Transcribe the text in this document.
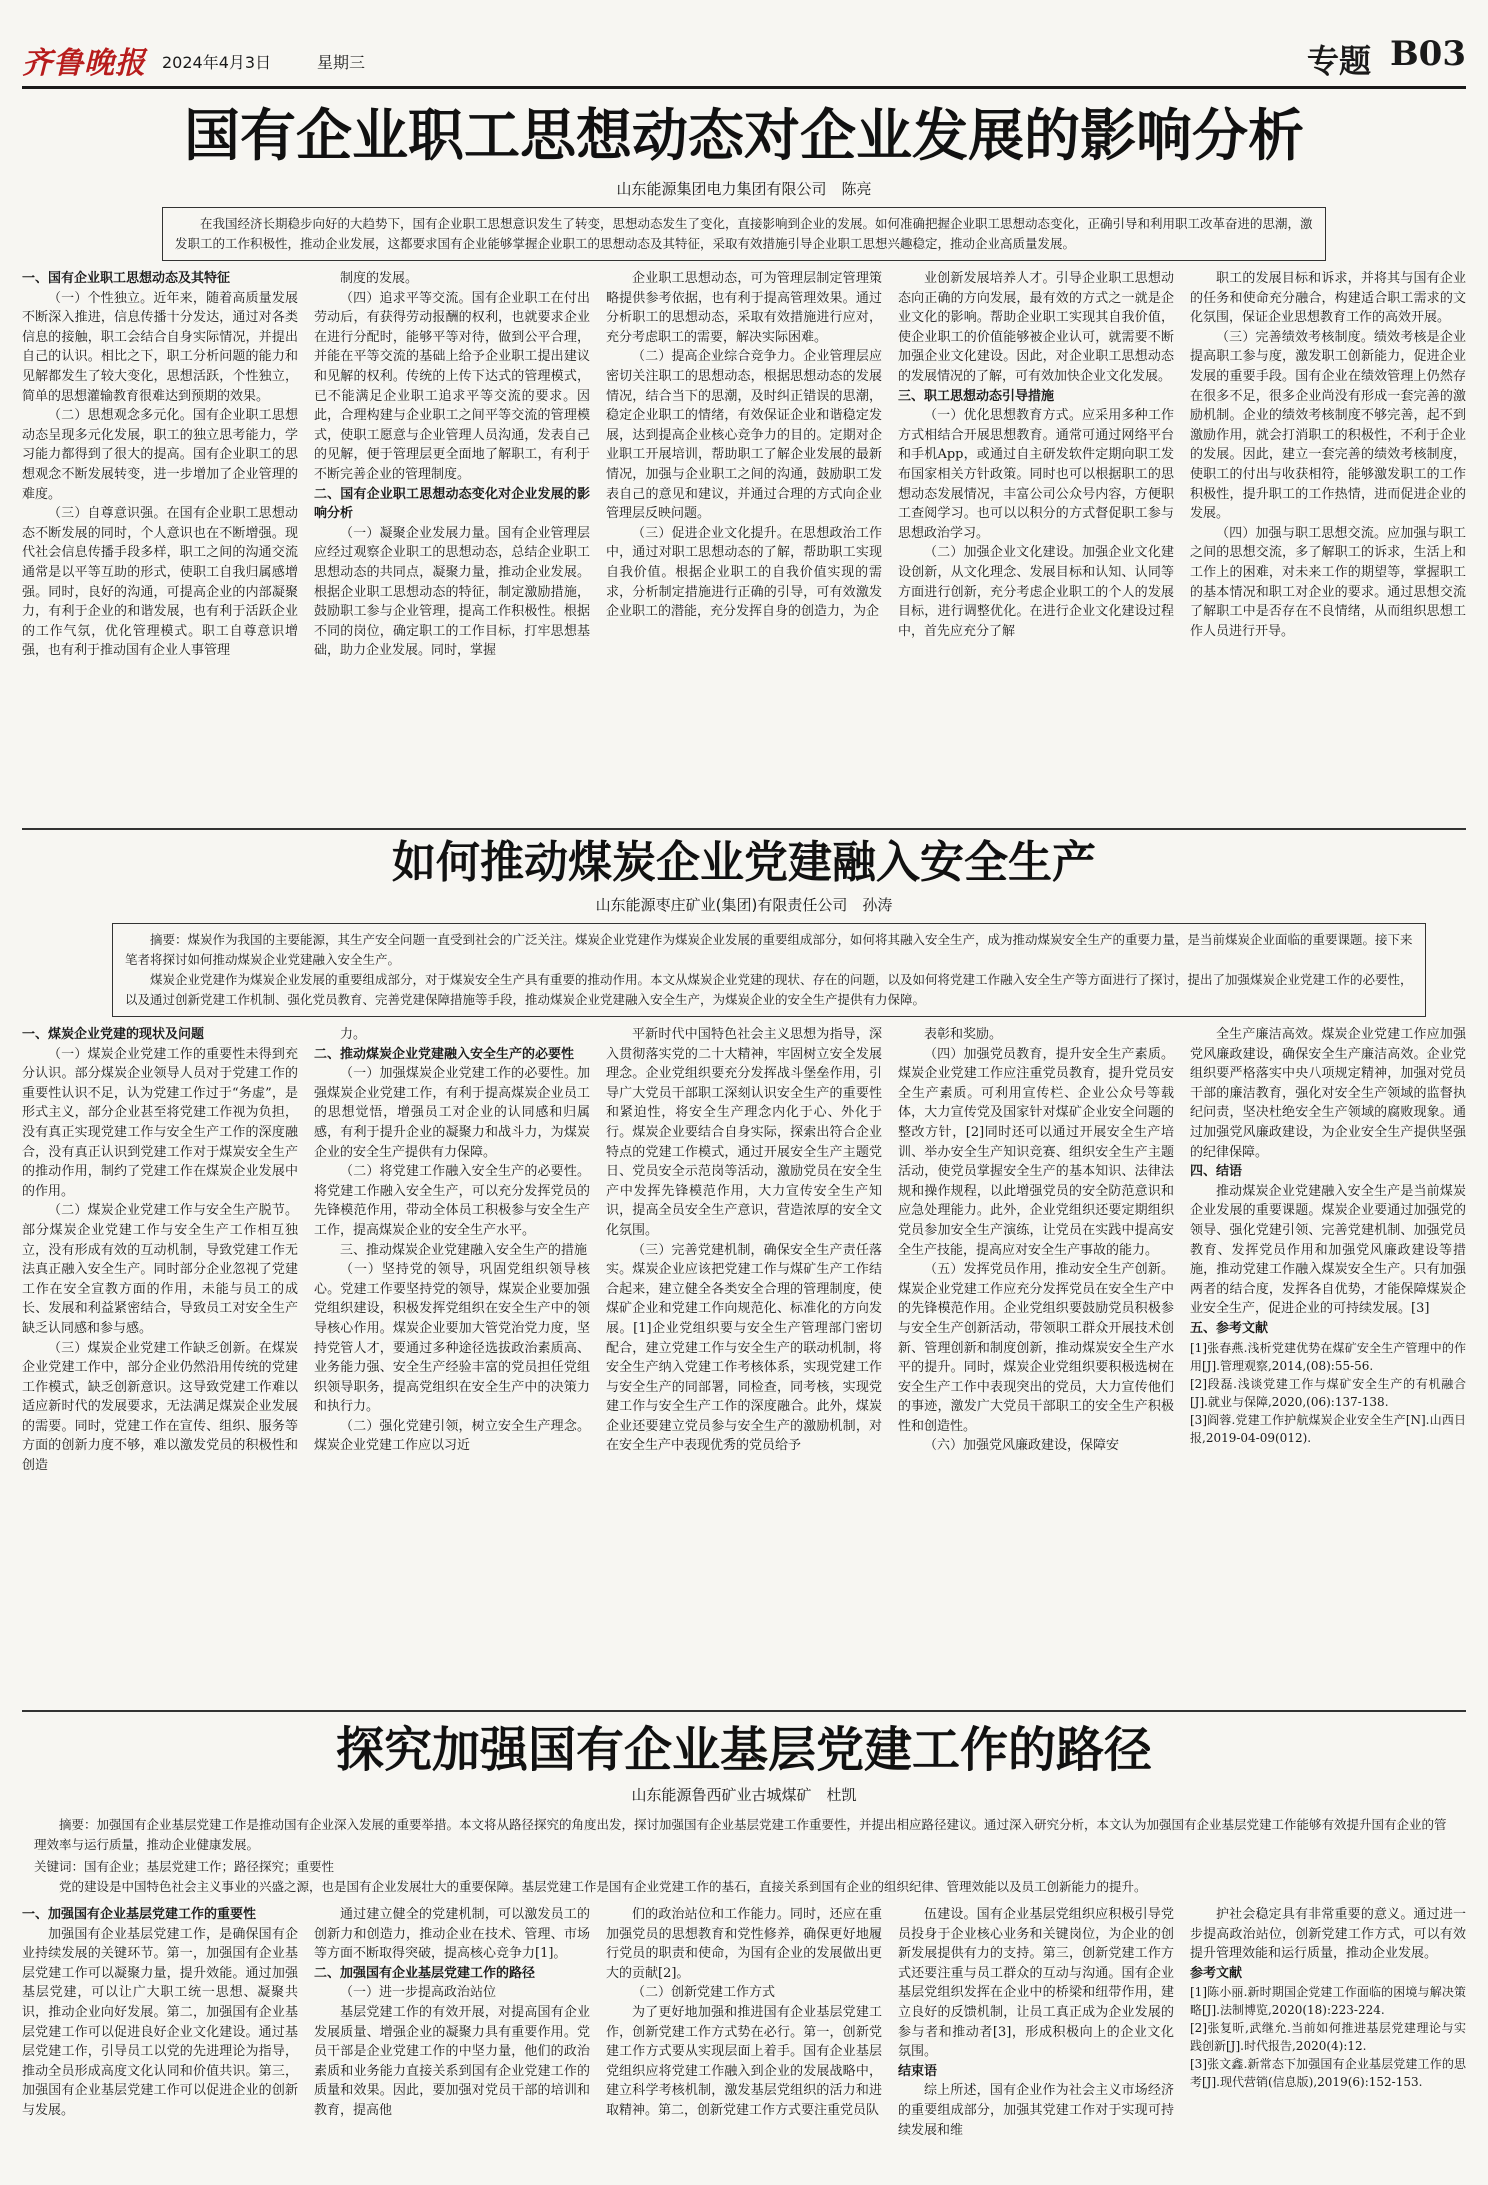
齐鲁晚报 2024年4月3日	星期三	专题 B03
国有企业职工思想动态对企业发展的影响分析
山东能源集团电力集团有限公司　陈亮

在我国经济长期稳步向好的大趋势下，国有企业职工思想意识发生了转变，思想动态发生了变化，直接影响到企业的发展。如何准确把握企业职工思想动态变化，正确引导和利用职工改革奋进的思潮，激发职工的工作积极性，推动企业发展，这都要求国有企业能够掌握企业职工的思想动态及其特征，采取有效措施引导企业职工思想兴趣稳定，推动企业高质量发展。

一、国有企业职工思想动态及其特征

（一）个性独立。近年来，随着高质量发展不断深入推进，信息传播十分发达，通过对各类信息的接触，职工会结合自身实际情况，并提出自己的认识。相比之下，职工分析问题的能力和见解都发生了较大变化，思想活跃，个性独立，简单的思想灌输教育很难达到预期的效果。

（二）思想观念多元化。国有企业职工思想动态呈现多元化发展，职工的独立思考能力，学习能力都得到了很大的提高。国有企业职工的思想观念不断发展转变，进一步增加了企业管理的难度。

（三）自尊意识强。在国有企业职工思想动态不断发展的同时，个人意识也在不断增强。现代社会信息传播手段多样，职工之间的沟通交流通常是以平等互助的形式，使职工自我归属感增强。同时，良好的沟通，可提高企业的内部凝聚力，有利于企业的和谐发展，也有利于活跃企业的工作气氛，优化管理模式。职工自尊意识增强，也有利于推动国有企业人事管理

制度的发展。

（四）追求平等交流。国有企业职工在付出劳动后，有获得劳动报酬的权利，也就要求企业在进行分配时，能够平等对待，做到公平合理，并能在平等交流的基础上给予企业职工提出建议和见解的权利。传统的上传下达式的管理模式，已不能满足企业职工追求平等交流的要求。因此，合理构建与企业职工之间平等交流的管理模式，使职工愿意与企业管理人员沟通，发表自己的见解，便于管理层更全面地了解职工，有利于不断完善企业的管理制度。

二、国有企业职工思想动态变化对企业发展的影响分析

（一）凝聚企业发展力量。国有企业管理层应经过观察企业职工的思想动态，总结企业职工思想动态的共同点，凝聚力量，推动企业发展。根据企业职工思想动态的特征，制定激励措施，鼓励职工参与企业管理，提高工作积极性。根据不同的岗位，确定职工的工作目标，打牢思想基础，助力企业发展。同时，掌握

企业职工思想动态，可为管理层制定管理策略提供参考依据，也有利于提高管理效果。通过分析职工的思想动态，采取有效措施进行应对，充分考虑职工的需要，解决实际困难。

（二）提高企业综合竞争力。企业管理层应密切关注职工的思想动态，根据思想动态的发展情况，结合当下的思潮，及时纠正错误的思潮，稳定企业职工的情绪，有效保证企业和谐稳定发展，达到提高企业核心竞争力的目的。定期对企业职工开展培训，帮助职工了解企业发展的最新情况，加强与企业职工之间的沟通，鼓励职工发表自己的意见和建议，并通过合理的方式向企业管理层反映问题。

（三）促进企业文化提升。在思想政治工作中，通过对职工思想动态的了解，帮助职工实现自我价值。根据企业职工的自我价值实现的需求，分析制定措施进行正确的引导，可有效激发企业职工的潜能，充分发挥自身的创造力，为企

业创新发展培养人才。引导企业职工思想动态向正确的方向发展，最有效的方式之一就是企业文化的影响。帮助企业职工实现其自我价值，使企业职工的价值能够被企业认可，就需要不断加强企业文化建设。因此，对企业职工思想动态的发展情况的了解，可有效加快企业文化发展。

三、职工思想动态引导措施

（一）优化思想教育方式。应采用多种工作方式相结合开展思想教育。通常可通过网络平台和手机App，或通过自主研发软件定期向职工发布国家相关方针政策。同时也可以根据职工的思想动态发展情况，丰富公司公众号内容，方便职工查阅学习。也可以以积分的方式督促职工参与思想政治学习。

（二）加强企业文化建设。加强企业文化建设创新，从文化理念、发展目标和认知、认同等方面进行创新，充分考虑企业职工的个人的发展目标，进行调整优化。在进行企业文化建设过程中，首先应充分了解

职工的发展目标和诉求，并将其与国有企业的任务和使命充分融合，构建适合职工需求的文化氛围，保证企业思想教育工作的高效开展。

（三）完善绩效考核制度。绩效考核是企业提高职工参与度，激发职工创新能力，促进企业发展的重要手段。国有企业在绩效管理上仍然存在很多不足，很多企业尚没有形成一套完善的激励机制。企业的绩效考核制度不够完善，起不到激励作用，就会打消职工的积极性，不利于企业的发展。因此，建立一套完善的绩效考核制度，使职工的付出与收获相符，能够激发职工的工作积极性，提升职工的工作热情，进而促进企业的发展。

（四）加强与职工思想交流。应加强与职工之间的思想交流，多了解职工的诉求，生活上和工作上的困难，对未来工作的期望等，掌握职工的基本情况和职工对企业的要求。通过思想交流了解职工中是否存在不良情绪，从而组织思想工作人员进行开导。

如何推动煤炭企业党建融入安全生产
山东能源枣庄矿业(集团)有限责任公司　孙涛

摘要：煤炭作为我国的主要能源，其生产安全问题一直受到社会的广泛关注。煤炭企业党建作为煤炭企业发展的重要组成部分，如何将其融入安全生产，成为推动煤炭安全生产的重要力量，是当前煤炭企业面临的重要课题。接下来笔者将探讨如何推动煤炭企业党建融入安全生产。

煤炭企业党建作为煤炭企业发展的重要组成部分，对于煤炭安全生产具有重要的推动作用。本文从煤炭企业党建的现状、存在的问题，以及如何将党建工作融入安全生产等方面进行了探讨，提出了加强煤炭企业党建工作的必要性，以及通过创新党建工作机制、强化党员教育、完善党建保障措施等手段，推动煤炭企业党建融入安全生产，为煤炭企业的安全生产提供有力保障。

一、煤炭企业党建的现状及问题

（一）煤炭企业党建工作的重要性未得到充分认识。部分煤炭企业领导人员对于党建工作的重要性认识不足，认为党建工作过于“务虚”，是形式主义，部分企业甚至将党建工作视为负担，没有真正实现党建工作与安全生产工作的深度融合，没有真正认识到党建工作对于煤炭安全生产的推动作用，制约了党建工作在煤炭企业发展中的作用。

（二）煤炭企业党建工作与安全生产脱节。部分煤炭企业党建工作与安全生产工作相互独立，没有形成有效的互动机制，导致党建工作无法真正融入安全生产。同时部分企业忽视了党建工作在安全宣教方面的作用，未能与员工的成长、发展和利益紧密结合，导致员工对安全生产缺乏认同感和参与感。

（三）煤炭企业党建工作缺乏创新。在煤炭企业党建工作中，部分企业仍然沿用传统的党建工作模式，缺乏创新意识。这导致党建工作难以适应新时代的发展要求，无法满足煤炭企业发展的需要。同时，党建工作在宣传、组织、服务等方面的创新力度不够，难以激发党员的积极性和创造

力。

二、推动煤炭企业党建融入安全生产的必要性

（一）加强煤炭企业党建工作的必要性。加强煤炭企业党建工作，有利于提高煤炭企业员工的思想觉悟，增强员工对企业的认同感和归属感，有利于提升企业的凝聚力和战斗力，为煤炭企业的安全生产提供有力保障。

（二）将党建工作融入安全生产的必要性。将党建工作融入安全生产，可以充分发挥党员的先锋模范作用，带动全体员工积极参与安全生产工作，提高煤炭企业的安全生产水平。

三、推动煤炭企业党建融入安全生产的措施

（一）坚持党的领导，巩固党组织领导核心。党建工作要坚持党的领导，煤炭企业要加强党组织建设，积极发挥党组织在安全生产中的领导核心作用。煤炭企业要加大管党治党力度，坚持党管人才，要通过多种途径选拔政治素质高、业务能力强、安全生产经验丰富的党员担任党组织领导职务，提高党组织在安全生产中的决策力和执行力。

（二）强化党建引领，树立安全生产理念。煤炭企业党建工作应以习近

平新时代中国特色社会主义思想为指导，深入贯彻落实党的二十大精神，牢固树立安全发展理念。企业党组织要充分发挥战斗堡垒作用，引导广大党员干部职工深刻认识安全生产的重要性和紧迫性，将安全生产理念内化于心、外化于行。煤炭企业要结合自身实际，探索出符合企业特点的党建工作模式，通过开展安全生产主题党日、党员安全示范岗等活动，激励党员在安全生产中发挥先锋模范作用，大力宣传安全生产知识，提高全员安全生产意识，营造浓厚的安全文化氛围。

（三）完善党建机制，确保安全生产责任落实。煤炭企业应该把党建工作与煤矿生产工作结合起来，建立健全各类安全合理的管理制度，使煤矿企业和党建工作向规范化、标准化的方向发展。[1]企业党组织要与安全生产管理部门密切配合，建立党建工作与安全生产的联动机制，将安全生产纳入党建工作考核体系，实现党建工作与安全生产的同部署，同检查，同考核，实现党建工作与安全生产工作的深度融合。此外，煤炭企业还要建立党员参与安全生产的激励机制，对在安全生产中表现优秀的党员给予

表彰和奖励。

（四）加强党员教育，提升安全生产素质。煤炭企业党建工作应注重党员教育，提升党员安全生产素质。可利用宣传栏、企业公众号等载体，大力宣传党及国家针对煤矿企业安全问题的整改方针，[2]同时还可以通过开展安全生产培训、举办安全生产知识竞赛、组织安全生产主题活动，使党员掌握安全生产的基本知识、法律法规和操作规程，以此增强党员的安全防范意识和应急处理能力。此外，企业党组织还要定期组织党员参加安全生产演练，让党员在实践中提高安全生产技能，提高应对安全生产事故的能力。

（五）发挥党员作用，推动安全生产创新。煤炭企业党建工作应充分发挥党员在安全生产中的先锋模范作用。企业党组织要鼓励党员积极参与安全生产创新活动，带领职工群众开展技术创新、管理创新和制度创新，推动煤炭安全生产水平的提升。同时，煤炭企业党组织要积极选树在安全生产工作中表现突出的党员，大力宣传他们的事迹，激发广大党员干部职工的安全生产积极性和创造性。

（六）加强党风廉政建设，保障安

全生产廉洁高效。煤炭企业党建工作应加强党风廉政建设，确保安全生产廉洁高效。企业党组织要严格落实中央八项规定精神，加强对党员干部的廉洁教育，强化对安全生产领域的监督执纪问责，坚决杜绝安全生产领域的腐败现象。通过加强党风廉政建设，为企业安全生产提供坚强的纪律保障。

四、结语

推动煤炭企业党建融入安全生产是当前煤炭企业发展的重要课题。煤炭企业要通过加强党的领导、强化党建引领、完善党建机制、加强党员教育、发挥党员作用和加强党风廉政建设等措施，推动党建工作融入煤炭安全生产。只有加强两者的结合度，发挥各自优势，才能保障煤炭企业安全生产，促进企业的可持续发展。[3]

五、参考文献

[1]张春燕.浅析党建优势在煤矿安全生产管理中的作用[J].管理观察,2014,(08):55-56.

[2]段磊.浅谈党建工作与煤矿安全生产的有机融合[J].就业与保障,2020,(06):137-138.

[3]阎蓉.党建工作护航煤炭企业安全生产[N].山西日报,2019-04-09(012).

探究加强国有企业基层党建工作的路径
山东能源鲁西矿业古城煤矿　杜凯

摘要：加强国有企业基层党建工作是推动国有企业深入发展的重要举措。本文将从路径探究的角度出发，探讨加强国有企业基层党建工作重要性，并提出相应路径建议。通过深入研究分析，本文认为加强国有企业基层党建工作能够有效提升国有企业的管理效率与运行质量，推动企业健康发展。

关键词：国有企业；基层党建工作；路径探究；重要性
党的建设是中国特色社会主义事业的兴盛之源，也是国有企业发展壮大的重要保障。基层党建工作是国有企业党建工作的基石，直接关系到国有企业的组织纪律、管理效能以及员工创新能力的提升。
一、加强国有企业基层党建工作的重要性

加强国有企业基层党建工作，是确保国有企业持续发展的关键环节。第一，加强国有企业基层党建工作可以凝聚力量，提升效能。通过加强基层党建，可以让广大职工统一思想、凝聚共识，推动企业向好发展。第二，加强国有企业基层党建工作可以促进良好企业文化建设。通过基层党建工作，引导员工以党的先进理论为指导，推动全员形成高度文化认同和价值共识。第三，加强国有企业基层党建工作可以促进企业的创新与发展。

通过建立健全的党建机制，可以激发员工的创新力和创造力，推动企业在技术、管理、市场等方面不断取得突破，提高核心竞争力[1]。

二、加强国有企业基层党建工作的路径

（一）进一步提高政治站位

基层党建工作的有效开展，对提高国有企业发展质量、增强企业的凝聚力具有重要作用。党员干部是企业党建工作的中坚力量，他们的政治素质和业务能力直接关系到国有企业党建工作的质量和效果。因此，要加强对党员干部的培训和教育，提高他

们的政治站位和工作能力。同时，还应在重加强党员的思想教育和党性修养，确保更好地履行党员的职责和使命，为国有企业的发展做出更大的贡献[2]。

（二）创新党建工作方式

为了更好地加强和推进国有企业基层党建工作，创新党建工作方式势在必行。第一，创新党建工作方式要从实现层面上着手。国有企业基层党组织应将党建工作融入到企业的发展战略中，建立科学考核机制，激发基层党组织的活力和进取精神。第二，创新党建工作方式要注重党员队

伍建设。国有企业基层党组织应积极引导党员投身于企业核心业务和关键岗位，为企业的创新发展提供有力的支持。第三，创新党建工作方式还要注重与员工群众的互动与沟通。国有企业基层党组织发挥在企业中的桥梁和纽带作用，建立良好的反馈机制，让员工真正成为企业发展的参与者和推动者[3]，形成积极向上的企业文化氛围。

结束语

综上所述，国有企业作为社会主义市场经济的重要组成部分，加强其党建工作对于实现可持续发展和维

护社会稳定具有非常重要的意义。通过进一步提高政治站位，创新党建工作方式，可以有效提升管理效能和运行质量，推动企业发展。

参考文献

[1]陈小丽.新时期国企党建工作面临的困境与解决策略[J].法制博览,2020(18):223-224.

[2]张复昕,武继允.当前如何推进基层党建理论与实践创新[J].时代报告,2020(4):12.

[3]张文鑫.新常态下加强国有企业基层党建工作的思考[J].现代营销(信息版),2019(6):152-153.
